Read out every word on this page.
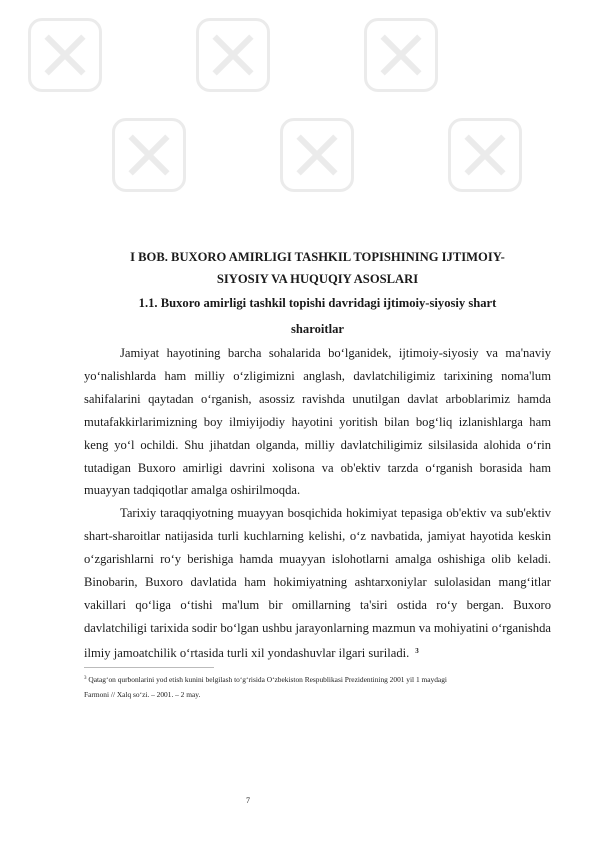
I BOB. BUXORO AMIRLIGI TASHKIL TOPISHINING IJTIMOIY-
SIYOSIY VA HUQUQIY ASOSLARI
1.1. Buxoro amirligi tashkil topishi davridagi ijtimoiy-siyosiy shart
sharoitlar

Jamiyat hayotining barcha sohalarida boʻlganidek, ijtimoiy-siyosiy va ma'naviy yoʻnalishlarda ham milliy oʻzligimizni anglash, davlatchiligimiz tarixining noma'lum sahifalarini qaytadan oʻrganish, asossiz ravishda unutilgan davlat arboblarimiz hamda mutafakkirlarimizning boy ilmiyijodiy hayotini yoritish bilan bogʻliq izlanishlarga ham keng yoʻl ochildi. Shu jihatdan olganda, milliy davlatchiligimiz silsilasida alohida oʻrin tutadigan Buxoro amirligi davrini xolisona va ob'ektiv tarzda oʻrganish borasida ham muayyan tadqiqotlar amalga oshirilmoqda.

Tarixiy taraqqiyotning muayyan bosqichida hokimiyat tepasiga ob'ektiv va sub'ektiv shart-sharoitlar natijasida turli kuchlarning kelishi, oʻz navbatida, jamiyat hayotida keskin oʻzgarishlarni roʻy berishiga hamda muayyan islohotlarni amalga oshishiga olib keladi. Binobarin, Buxoro davlatida ham hokimiyatning ashtarxoniylar sulolasidan mangʻitlar vakillari qoʻliga oʻtishi ma'lum bir omillarning ta'siri ostida roʻy bergan. Buxoro davlatchiligi tarixida sodir boʻlgan ushbu jarayonlarning mazmun va mohiyatini oʻrganishda ilmiy jamoatchilik oʻrtasida turli xil yondashuvlar ilgari suriladi. $^3$

$^3$ Qatagʻon qurbonlarini yod etish kunini belgilash toʻgʻrisida Oʻzbekiston Respublikasi Prezidentining 2001 yil 1 maydagi
Farmoni // Xalq soʻzi. – 2001. – 2 may.

7
